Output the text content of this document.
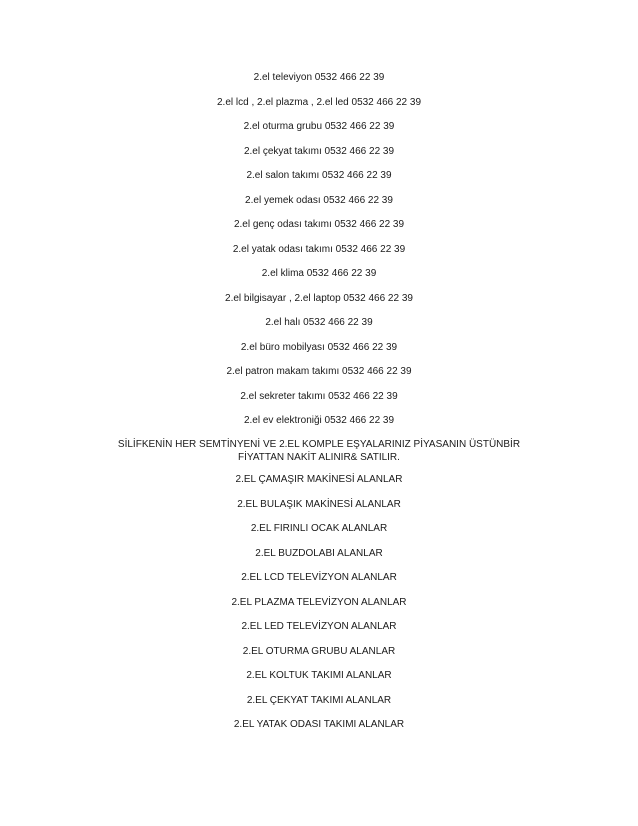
2.el televiyon 0532 466 22 39
2.el lcd , 2.el plazma , 2.el led 0532 466 22 39
2.el oturma grubu 0532 466 22 39
2.el çekyat takımı 0532 466 22 39
2.el salon takımı 0532 466 22 39
2.el yemek odası 0532 466 22 39
2.el genç odası takımı 0532 466 22 39
2.el yatak odası takımı 0532 466 22 39
2.el klima 0532 466 22 39
2.el bilgisayar , 2.el laptop 0532 466 22 39
2.el halı 0532 466 22 39
2.el büro mobilyası 0532 466 22 39
2.el patron makam takımı 0532 466 22 39
2.el sekreter takımı 0532 466 22 39
2.el ev elektroniği 0532 466 22 39
SİLİFKENİN HER SEMTİNYENİ VE 2.EL KOMPLE EŞYALARINIZ PİYASANIN ÜSTÜNBİR FİYATTAN NAKİT ALINIR& SATILIR.
2.EL ÇAMAŞIR MAKİNESİ ALANLAR
2.EL BULAŞIK MAKİNESİ ALANLAR
2.EL FIRINLI OCAK ALANLAR
2.EL BUZDOLABI ALANLAR
2.EL LCD TELEVİZYON ALANLAR
2.EL PLAZMA TELEVİZYON ALANLAR
2.EL LED TELEVİZYON ALANLAR
2.EL OTURMA GRUBU ALANLAR
2.EL KOLTUK TAKIMI ALANLAR
2.EL ÇEKYAT TAKIMI ALANLAR
2.EL YATAK ODASI TAKIMI ALANLAR
